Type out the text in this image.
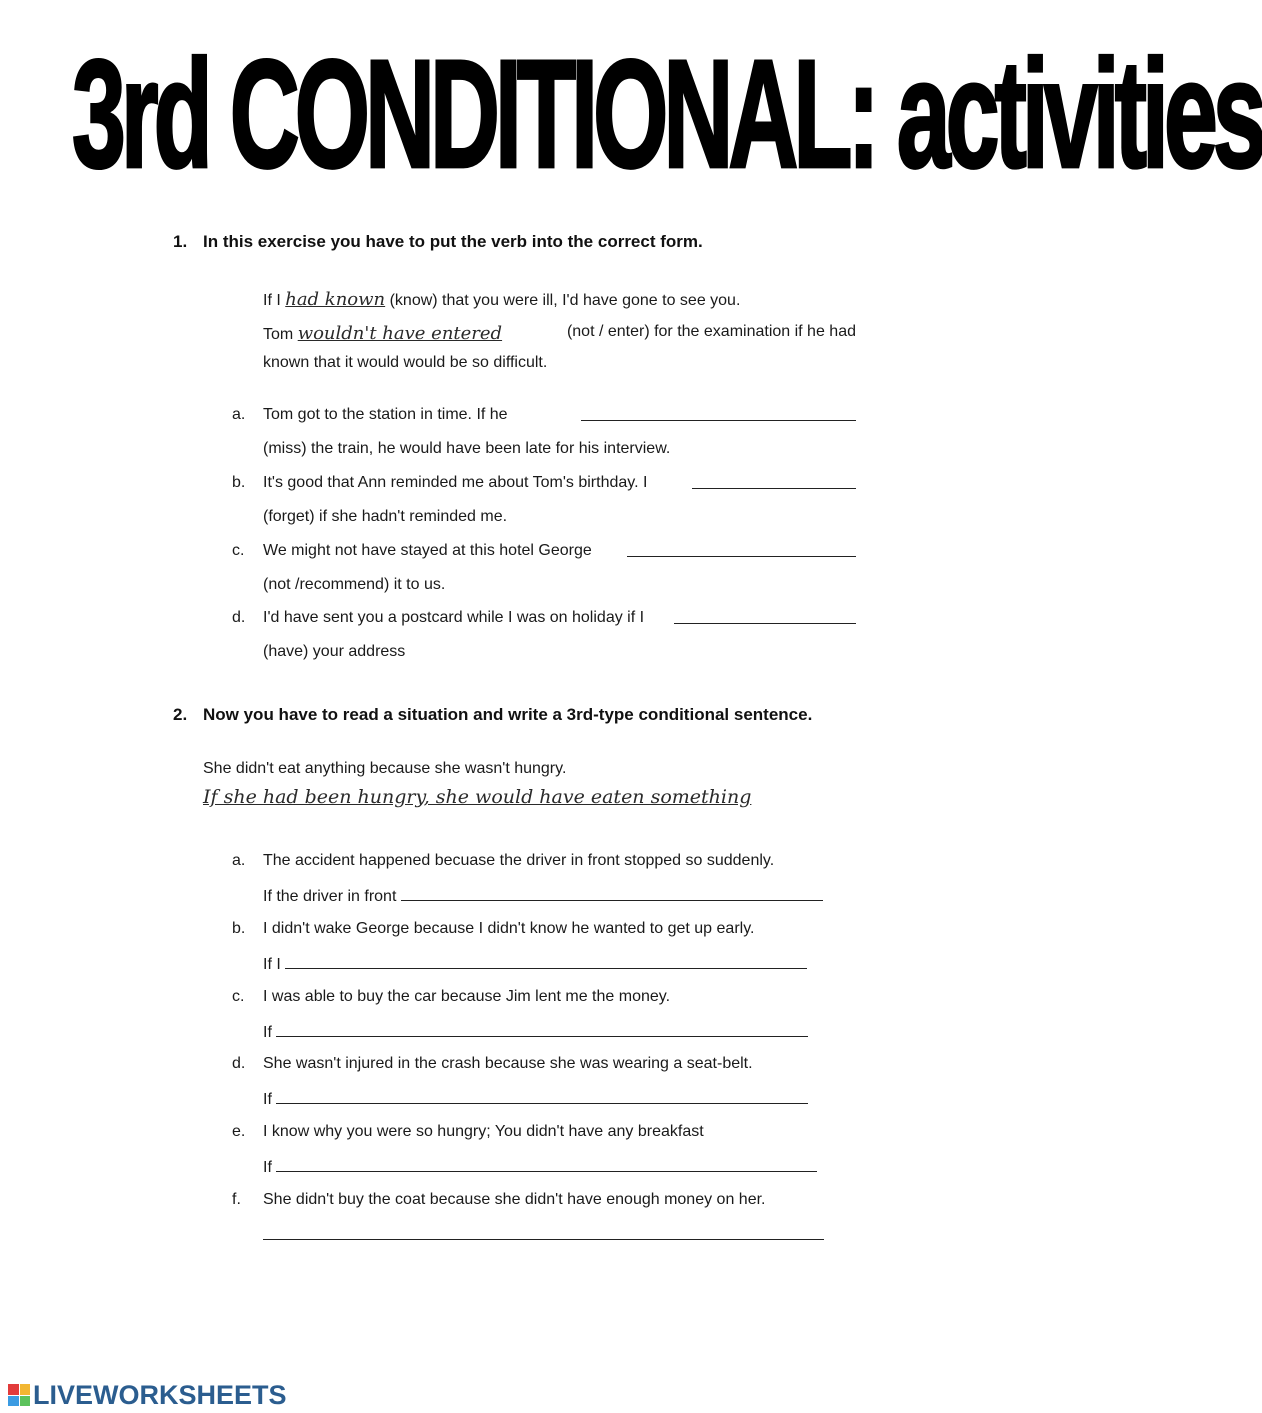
3rd CONDITIONAL: activities
1. In this exercise you have to put the verb into the correct form.
If I had known (know) that you were ill, I'd have gone to see you.
Tom wouldn't have entered	(not / enter) for the examination if he had
known that it would would be so difficult.
a. Tom got to the station in time. If he
(miss) the train, he would have been late for his interview.
b. It's good that Ann reminded me about Tom's birthday. I
(forget) if she hadn't reminded me.
c. We might not have stayed at this hotel George
(not /recommend) it to us.
d. I'd have sent you a postcard while I was on holiday if I
(have) your address
2. Now you have to read a situation and write a 3rd-type conditional sentence.
She didn't eat anything because she wasn't hungry.
If she had been hungry, she would have eaten something
a. The accident happened becuase the driver in front stopped so suddenly.
If the driver in front
b. I didn't wake George because I didn't know he wanted to get up early.
If I
c. I was able to buy the car because Jim lent me the money.
If
d. She wasn't injured in the crash because she was wearing a seat-belt.
If
e. I know why you were so hungry; You didn't have any breakfast
If
f. She didn't buy the coat because she didn't have enough money on her.
LIVEWORKSHEETS
